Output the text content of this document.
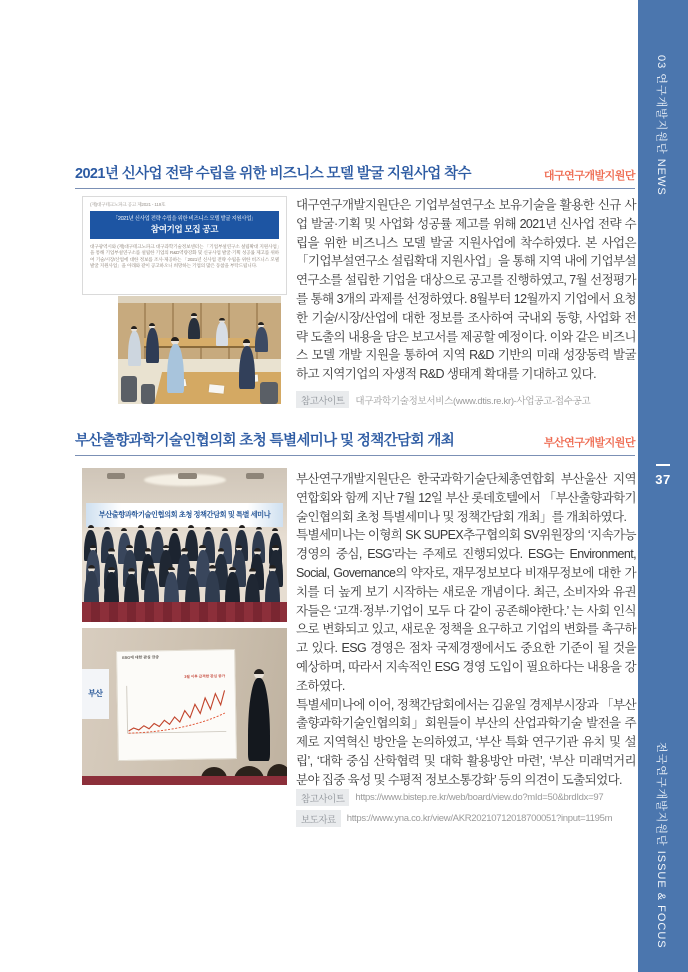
03 연구개발지원단 NEWS
37
전국연구개발지원단 ISSUE & FOCUS
2021년 신사업 전략 수립을 위한 비즈니스 모델 발굴 지원사업 착수	대구연구개발지원단
(재)대구테크노파크 공고 제2021 - 119호
「2021년 신사업 전략 수립을 위한 비즈니스 모델 발굴 지원사업」
참여기업 모집 공고
대구광역시와 (재)대구테크노파크 대구과학기술정보센터는 「기업부설연구소 설립확대 지원사업」을 통해 기업부설연구소를 설립한 기업의 R&D역량강화 및 신규사업 발굴·기획 성공률 제고를 위하여 기술/시장/산업에 대한 정보를 조사·제공하는 「2021년 신사업 전략 수립을 위한 비즈니스 모델 발굴 지원사업」을 아래와 같이 공고하오니 희망하는 기업의 많은 동참을 부탁드립니다.

대구연구개발지원단은 기업부설연구소 보유기술을 활용한 신규 사업 발굴·기획 및 사업화 성공률 제고를 위해 2021년 신사업 전략 수립을 위한 비즈니스 모델 발굴 지원사업에 착수하였다. 본 사업은 「기업부설연구소 설립확대 지원사업」을 통해 지역 내에 기업부설연구소를 설립한 기업을 대상으로 공고를 진행하였고, 7월 선정평가를 통해 3개의 과제를 선정하였다. 8월부터 12월까지 기업에서 요청한 기술/시장/산업에 대한 정보를 조사하여 국내외 동향, 사업화 전략 도출의 내용을 담은 보고서를 제공할 예정이다. 이와 같은 비즈니스 모델 개발 지원을 통하여 지역 R&D 기반의 미래 성장동력 발굴하고 지역기업의 자생적 R&D 생태계 확대를 기대하고 있다.

참고사이트	대구과학기술정보서비스(www.dtis.re.kr)-사업공고-접수공고
부산출향과학기술인협의회 초청 특별세미나 및 정책간담회 개최	부산연구개발지원단
부산출향과학기술인협의회 초청 정책간담회 및 특별 세미나
부산
ESG에 대한 관심 급증
3월 이후 급격한 관심 증가

부산연구개발지원단은 한국과학기술단체총연합회 부산울산 지역연합회와 함께 지난 7월 12일 부산 롯데호텔에서 「부산출향과학기술인협의회 초청 특별세미나 및 정책간담회 개최」를 개최하였다.

특별세미나는 이형희 SK SUPEX추구협의회 SV위원장의 ‘지속가능경영의 중심, ESG’라는 주제로 진행되었다. ESG는 Environment, Social, Governance의 약자로, 재무정보보다 비재무정보에 대한 가치를 더 높게 보기 시작하는 새로운 개념이다. 최근, 소비자와 유권자들은 ‘고객·정부·기업이 모두 다 같이 공존해야한다.’ 는 사회 인식으로 변화되고 있고, 새로운 정책을 요구하고 기업의 변화를 촉구하고 있다. ESG 경영은 점차 국제경쟁에서도 중요한 기준이 될 것을 예상하며, 따라서 지속적인 ESG 경영 도입이 필요하다는 내용을 강조하였다.

특별세미나에 이어, 정책간담회에서는 김윤일 경제부시장과 「부산출향과학기술인협의회」회원들이 부산의 산업과학기술 발전을 주제로 지역혁신 방안을 논의하였고, ‘부산 특화 연구기관 유치 및 설립’, ‘대학 중심 산학협력 및 대학 활용방안 마련’, ‘부산 미래먹거리 분야 집중 육성 및 수평적 정보소통강화’ 등의 의견이 도출되었다.

참고사이트	https://www.bistep.re.kr/web/board/view.do?mId=50&brdIdx=97
보도자료	https://www.yna.co.kr/view/AKR20210712018700051?input=1195m
